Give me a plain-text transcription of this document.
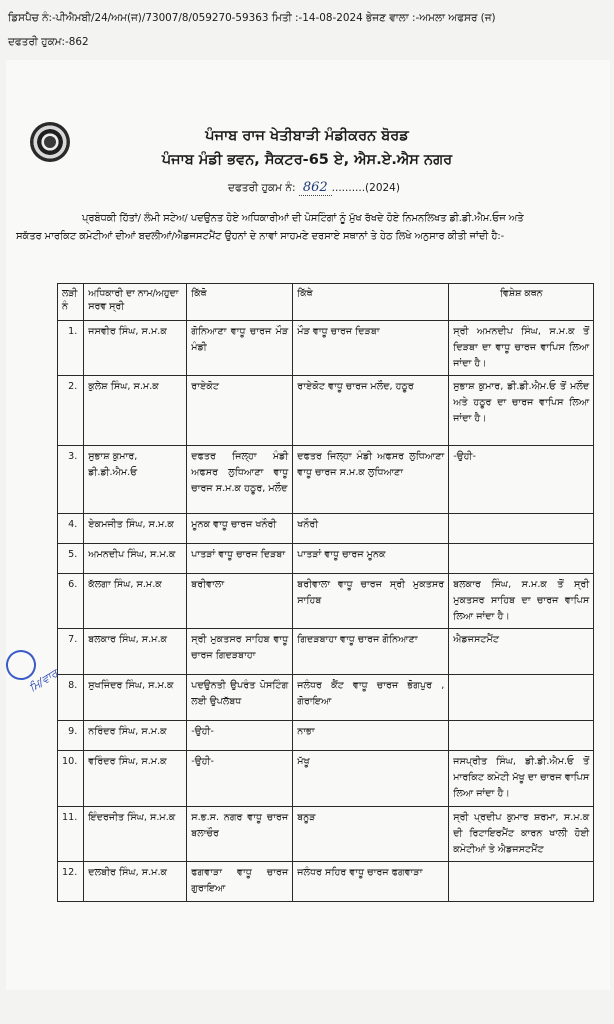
ਡਿਸਪੈਚ ਨੰ:-ਪੀਐਮਬੀ/24/ਅਮ(ਜ)/73007/8/059270-59363 ਮਿਤੀ :-14-08-2024 ਭੇਜਣ ਵਾਲਾ :-ਅਮਲਾ ਅਫਸਰ (ਜ)
ਦਫਤਰੀ ਹੁਕਮ:-862
ਪੰਜਾਬ ਰਾਜ ਖੇਤੀਬਾੜੀ ਮੰਡੀਕਰਨ ਬੋਰਡ
ਪੰਜਾਬ ਮੰਡੀ ਭਵਨ, ਸੈਕਟਰ-65 ਏ, ਐਸ.ਏ.ਐਸ ਨਗਰ
ਦਫਤਰੀ ਹੁਕਮ ਨੰ: 862 ..........(2024)
ਪ੍ਰਬੰਧਕੀ ਹਿੱਤਾਂ/ ਲੰਮੀ ਸਟੇਅ/ ਪਦਉਨਤ ਹੋਏ ਅਧਿਕਾਰੀਆਂ ਦੀ ਪੋਸਟਿੰਗਾਂ ਨੂੰ ਮੁੱਖ ਰੱਖਦੇ ਹੋਏ ਨਿਮਨਲਿਖਤ ਡੀ.ਡੀ.ਐਮ.ਓਜ ਅਤੇ
ਸਕੱਤਰ ਮਾਰਕਿਟ ਕਮੇਟੀਆਂ ਦੀਆਂ ਬਦਲੀਆਂ/ਐਡਜਸਟਮੈਂਟ ਉਹਨਾਂ ਦੇ ਨਾਵਾਂ ਸਾਹਮਣੇ ਦਰਸਾਏ ਸਥਾਨਾਂ ਤੇ ਹੇਠ ਲਿਖੇ ਅਨੁਸਾਰ ਕੀਤੀ ਜਾਂਦੀ ਹੈ:-
ਲੜੀ ਨੰ	ਅਧਿਕਾਰੀ ਦਾ ਨਾਮ/ਅਹੁਦਾ ਸਰਵ ਸ੍ਰੀ	ਕਿੱਥੋ	ਕਿੱਥੇ	ਵਿਸ਼ੇਸ਼ ਕਥਨ
1.	ਜਸਵੀਰ ਸਿੰਘ, ਸ.ਮ.ਕ	ਗੋਨਿਆਣਾ ਵਾਧੂ ਚਾਰਜ ਮੌੜ ਮੰਡੀ	ਮੌੜ ਵਾਧੂ ਚਾਰਜ ਦਿੜਬਾ	ਸ੍ਰੀ ਅਮਨਦੀਪ ਸਿੰਘ, ਸ.ਮ.ਕ ਤੋਂ ਦਿੜਬਾ ਦਾ ਵਾਧੂ ਚਾਰਜ ਵਾਪਿਸ ਲਿਆ ਜਾਂਦਾ ਹੈ।
2.	ਕੁਲੇਸ਼ ਸਿੰਘ, ਸ.ਮ.ਕ	ਰਾਏਕੋਟ	ਰਾਏਕੋਟ ਵਾਧੂ ਚਾਰਜ ਮਲੌਦ, ਹਠੂਰ	ਸੁਭਾਸ਼ ਕੁਮਾਰ, ਡੀ.ਡੀ.ਐਮ.ਓ ਤੋਂ ਮਲੌਦ ਅਤੇ ਹਠੂਰ ਦਾ ਚਾਰਜ ਵਾਪਿਸ ਲਿਆ ਜਾਂਦਾ ਹੈ।
3.	ਸੁਭਾਸ਼ ਕੁਮਾਰ, ਡੀ.ਡੀ.ਐਮ.ਓ	ਦਫਤਰ ਜਿਲ੍ਹਾ ਮੰਡੀ ਅਫਸਰ ਲੁਧਿਆਣਾ ਵਾਧੂ ਚਾਰਜ ਸ.ਮ.ਕ ਹਠੂਰ, ਮਲੌਦ	ਦਫਤਰ ਜਿਲ੍ਹਾ ਮੰਡੀ ਅਫਸਰ ਲੁਧਿਆਣਾ ਵਾਧੂ ਚਾਰਜ ਸ.ਮ.ਕ ਲੁਧਿਆਣਾ	-ਉਹੀ-
4.	ਏਕਮਜੀਤ ਸਿੰਘ, ਸ.ਮ.ਕ	ਮੂਨਕ ਵਾਧੂ ਚਾਰਜ ਖਨੌਰੀ	ਖਨੌਰੀ	
5.	ਅਮਨਦੀਪ ਸਿੰਘ, ਸ.ਮ.ਕ	ਪਾਤੜਾਂ ਵਾਧੂ ਚਾਰਜ ਦਿੜਬਾ	ਪਾਤੜਾਂ ਵਾਧੂ ਚਾਰਜ ਮੂਨਕ	
6.	ਕੱਲਗਾ ਸਿੰਘ, ਸ.ਮ.ਕ	ਬਰੀਵਾਲਾ	ਬਰੀਵਾਲਾ ਵਾਧੂ ਚਾਰਜ ਸ੍ਰੀ ਮੁਕਤਸਰ ਸਾਹਿਬ	ਬਲਕਾਰ ਸਿੰਘ, ਸ.ਮ.ਕ ਤੋਂ ਸ੍ਰੀ ਮੁਕਤਸਰ ਸਾਹਿਬ ਦਾ ਚਾਰਜ ਵਾਪਿਸ ਲਿਆ ਜਾਂਦਾ ਹੈ।
7.	ਬਲਕਾਰ ਸਿੰਘ, ਸ.ਮ.ਕ	ਸ੍ਰੀ ਮੁਕਤਸਰ ਸਾਹਿਬ ਵਾਧੂ ਚਾਰਜ ਗਿਦੜਬਾਹਾ	ਗਿਦੜਬਾਹਾ ਵਾਧੂ ਚਾਰਜ ਗੋਨਿਆਣਾ	ਐਡਜਸਟਮੈਂਟ
8.	ਸੁਖਜਿੰਦਰ ਸਿੰਘ, ਸ.ਮ.ਕ	ਪਦਉਨਤੀ ਉਪਰੰਤ ਪੋਸਟਿੰਗ ਲਈ ਉਪਲੱਬਧ	ਜਲੰਧਰ ਕੈਂਟ ਵਾਧੂ ਚਾਰਜ ਭੋਗਪੁਰ , ਗੋਰਾਇਆ	
9.	ਨਰਿੰਦਰ ਸਿੰਘ, ਸ.ਮ.ਕ	-ਉਹੀ-	ਨਾਭਾ	
10.	ਵਰਿੰਦਰ ਸਿੰਘ, ਸ.ਮ.ਕ	-ਉਹੀ-	ਮੱਖੂ	ਜਸਪ੍ਰੀਤ ਸਿੰਘ, ਡੀ.ਡੀ.ਐਮ.ਓ ਤੋਂ ਮਾਰਕਿਟ ਕਮੇਟੀ ਮੱਖੂ ਦਾ ਚਾਰਜ ਵਾਪਿਸ ਲਿਆ ਜਾਂਦਾ ਹੈ।
11.	ਇੰਦਰਜੀਤ ਸਿੰਘ, ਸ.ਮ.ਕ	ਸ.ਭ.ਸ. ਨਗਰ ਵਾਧੂ ਚਾਰਜ ਬਲਾਚੌਰ	ਬਨੂੜ	ਸ੍ਰੀ ਪ੍ਰਦੀਪ ਕੁਮਾਰ ਸ਼ਰਮਾ, ਸ.ਮ.ਕ ਦੀ ਰਿਟਾਇਰਮੈਂਟ ਕਾਰਨ ਖਾਲੀ ਹੋਈ ਕਮੇਟੀਆਂ ਤੇ ਐਡਜਸਟਮੈਂਟ
12.	ਦਲਬੀਰ ਸਿੰਘ, ਸ.ਮ.ਕ	ਫਗਵਾੜਾ ਵਾਧੂ ਚਾਰਜ ਗੁਰਾਇਆ	ਜਲੰਧਰ ਸਹਿਰ ਵਾਧੂ ਚਾਰਜ ਫਗਵਾੜਾ	
ਮਿ/ਵਾਰ
